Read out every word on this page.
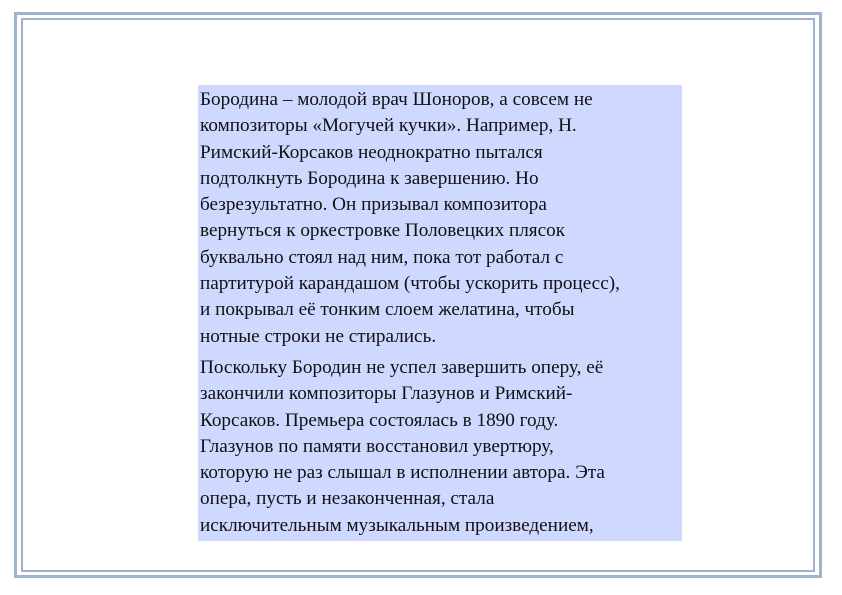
Бородина – молодой врач Шоноров, а совсем не
композиторы «Могучей кучки». Например, Н.
Римский-Корсаков неоднократно пытался
подтолкнуть Бородина к завершению. Но
безрезультатно. Он призывал композитора
вернуться к оркестровке Половецких плясок
буквально стоял над ним, пока тот работал с
партитурой карандашом (чтобы ускорить процесс),
и покрывал её тонким слоем желатина, чтобы
нотные строки не стирались.

Поскольку Бородин не успел завершить оперу, её
закончили композиторы Глазунов и Римский-
Корсаков. Премьера состоялась в 1890 году.
Глазунов по памяти восстановил увертюру,
которую не раз слышал в исполнении автора. Эта
опера, пусть и незаконченная, стала
исключительным музыкальным произведением,
